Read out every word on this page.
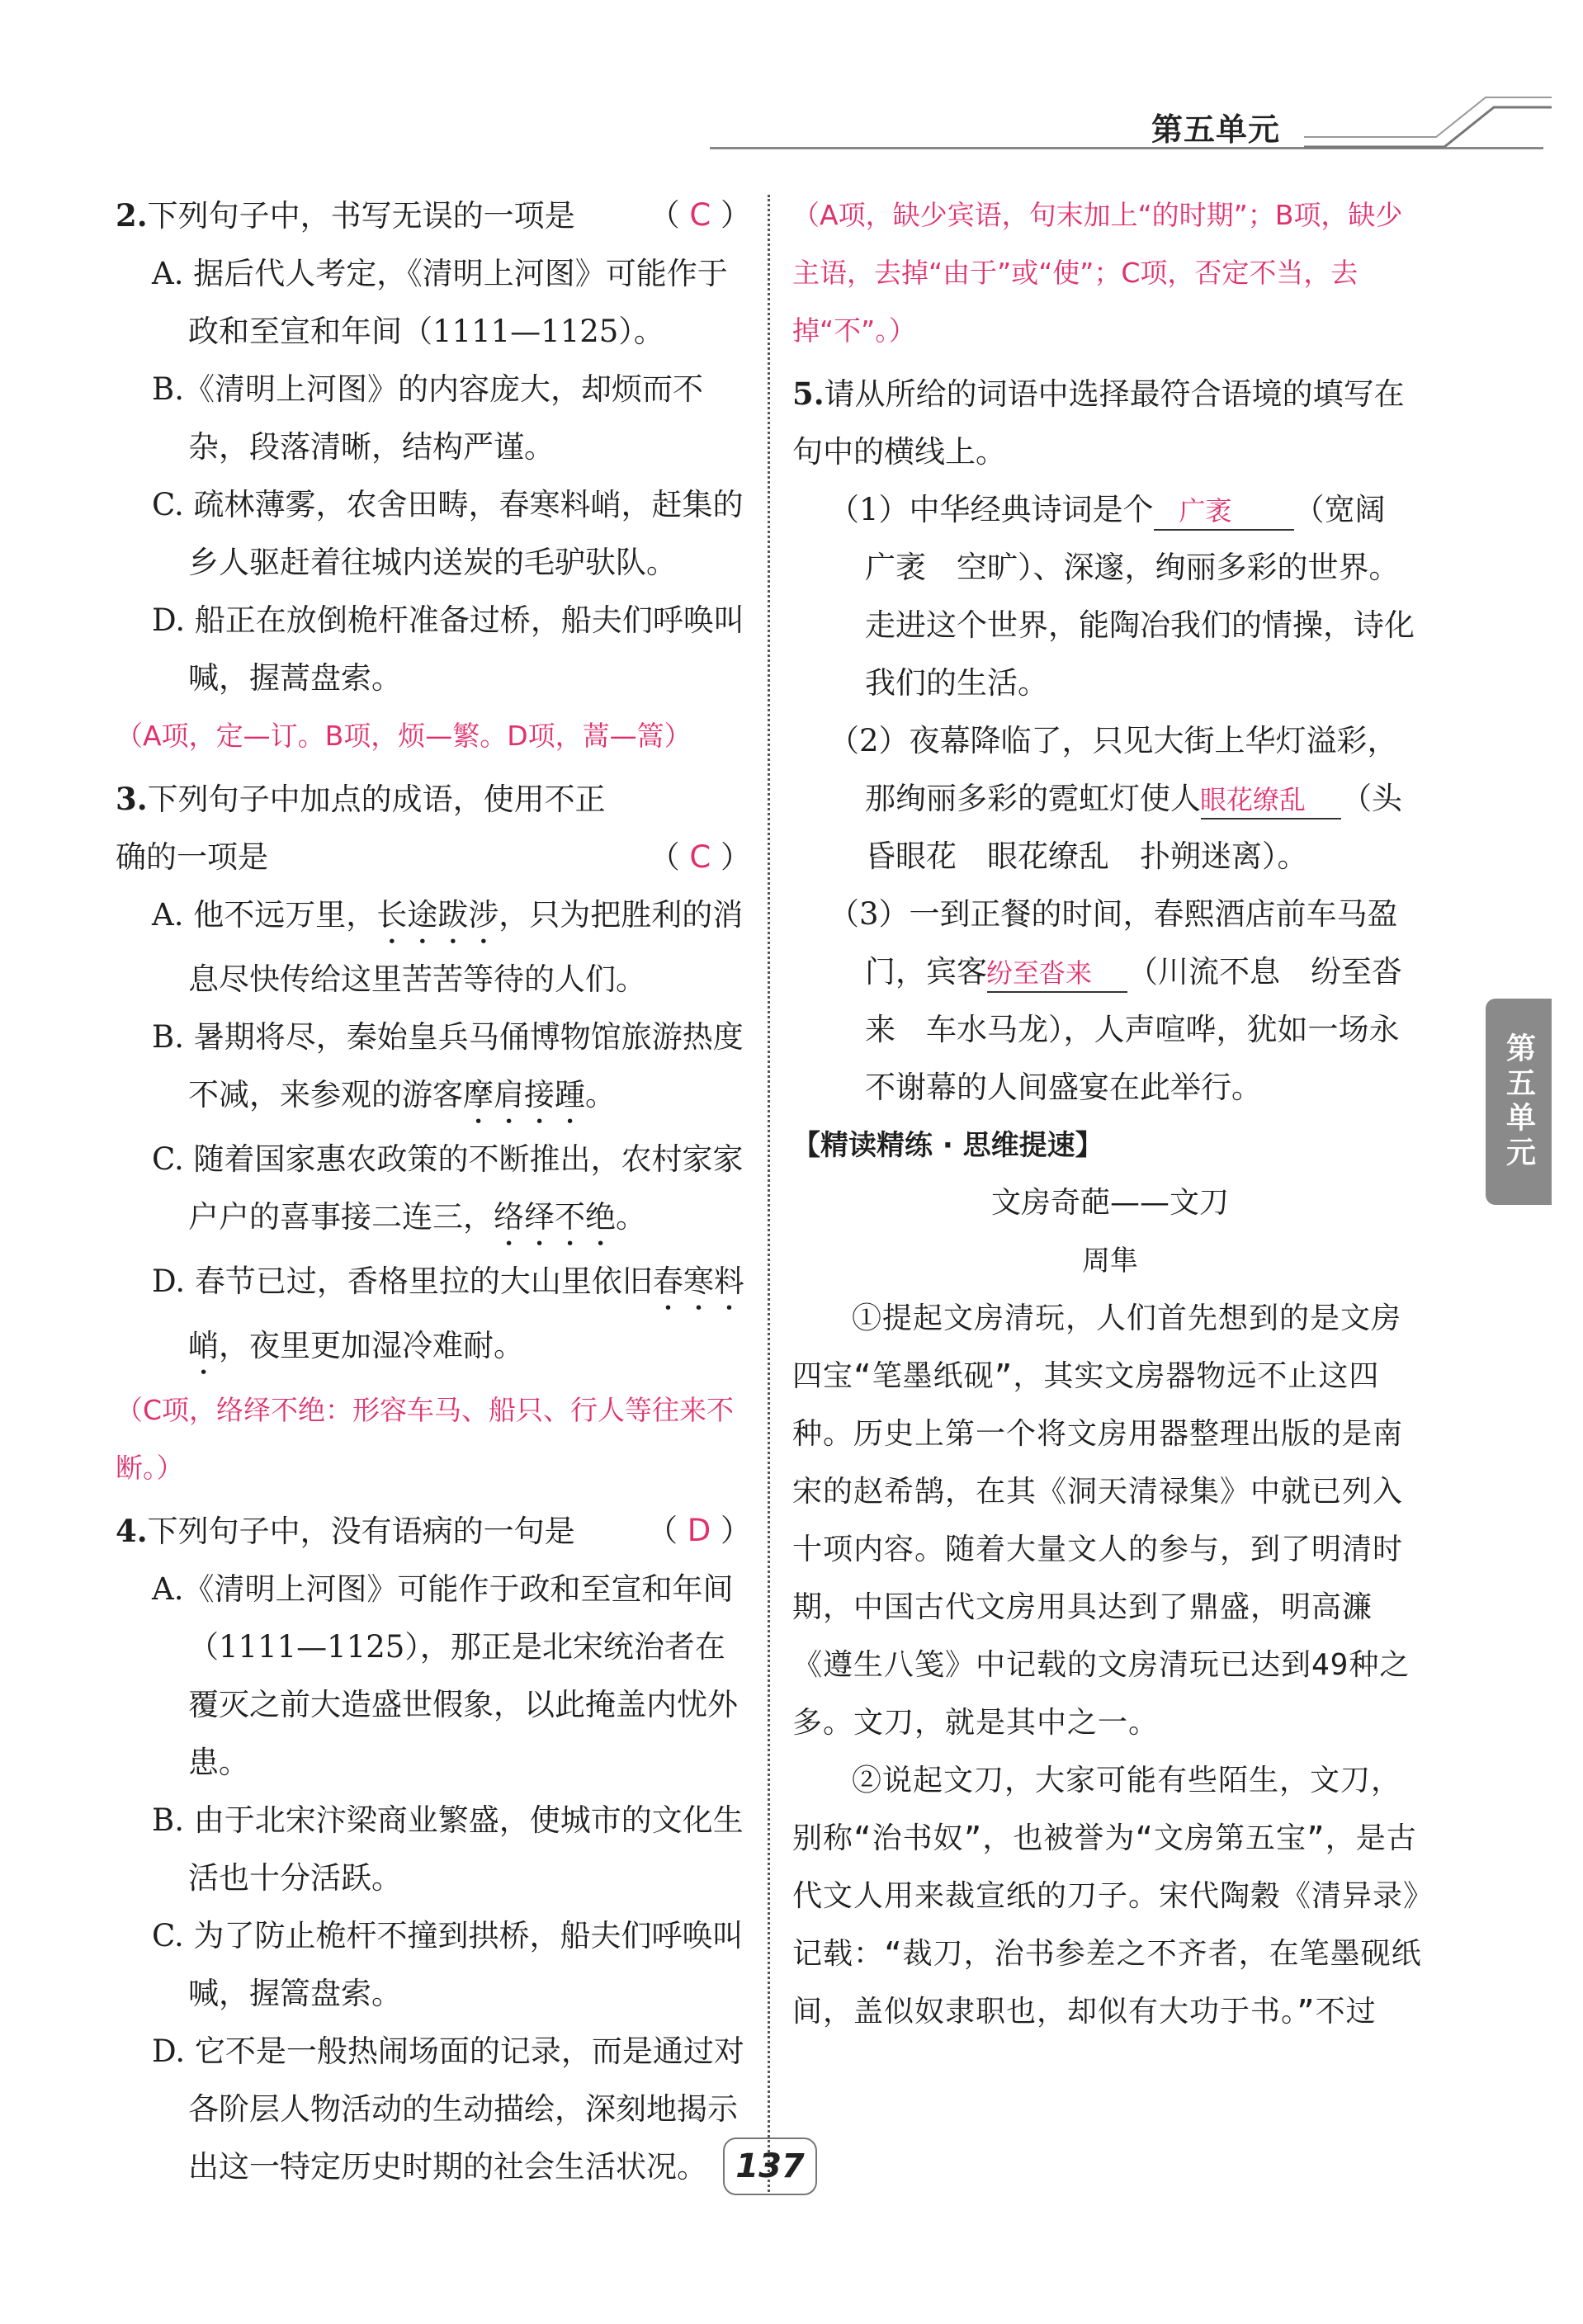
第五单元
第五单元
2.下列句子中，书写无误的一项是 （ C ）
A. 据后代人考定，《清明上河图》可能作于政和至宣和年间（1111—1125）。
B.《清明上河图》的内容庞大，却烦而不杂，段落清晰，结构严谨。
C. 疏林薄雾，农舍田畴，春寒料峭，赶集的乡人驱赶着往城内送炭的毛驴驮队。
D. 船正在放倒桅杆准备过桥，船夫们呼唤叫喊，握蒿盘索。
（A项，定—订。B项，烦—繁。D项，蒿—篙）
3.下列句子中加点的成语，使用不正确的一项是	（ C ）
A. 他不远万里，长途跋涉，只为把胜利的消息尽快传给这里苦苦等待的人们。
B. 暑期将尽，秦始皇兵马俑博物馆旅游热度不减，来参观的游客摩肩接踵。
C. 随着国家惠农政策的不断推出，农村家家户户的喜事接二连三，络绎不绝。
D. 春节已过，香格里拉的大山里依旧春寒料峭，夜里更加湿冷难耐。
（C项，络绎不绝：形容车马、船只、行人等往来不断。）
4.下列句子中，没有语病的一句是 （ D ）
A.《清明上河图》可能作于政和至宣和年间（1111—1125），那正是北宋统治者在覆灭之前大造盛世假象，以此掩盖内忧外患。
B. 由于北宋汴梁商业繁盛，使城市的文化生活也十分活跃。
C. 为了防止桅杆不撞到拱桥，船夫们呼唤叫喊，握篙盘索。
D. 它不是一般热闹场面的记录，而是通过对各阶层人物活动的生动描绘，深刻地揭示出这一特定历史时期的社会生活状况。
（A项，缺少宾语，句末加上“的时期”；B项，缺少主语，去掉“由于”或“使”；C项，否定不当，去掉“不”。）
5.请从所给的词语中选择最符合语境的填写在句中的横线上。
（1）中华经典诗词是个 广袤 （宽阔　广袤　空旷）、深邃，绚丽多彩的世界。走进这个世界，能陶冶我们的情操，诗化我们的生活。
（2）夜幕降临了，只见大街上华灯溢彩，那绚丽多彩的霓虹灯使人眼花缭乱 （头昏眼花　眼花缭乱　扑朔迷离）。
（3）一到正餐的时间，春熙酒店前车马盈门，宾客纷至沓来 （川流不息　纷至沓来　车水马龙），人声喧哗，犹如一场永不谢幕的人间盛宴在此举行。
【精读精练 · 思维提速】
文房奇葩——文刀
周隼
①提起文房清玩，人们首先想到的是文房四宝“笔墨纸砚”，其实文房器物远不止这四种。历史上第一个将文房用器整理出版的是南宋的赵希鹄，在其《洞天清禄集》中就已列入十项内容。随着大量文人的参与，到了明清时期，中国古代文房用具达到了鼎盛，明高濂《遵生八笺》中记载的文房清玩已达到49种之多。文刀，就是其中之一。
②说起文刀，大家可能有些陌生，文刀，别称“治书奴”，也被誉为“文房第五宝”，是古代文人用来裁宣纸的刀子。宋代陶穀《清异录》记载：“裁刀，治书参差之不齐者，在笔墨砚纸间，盖似奴隶职也，却似有大功于书。”不过
137
